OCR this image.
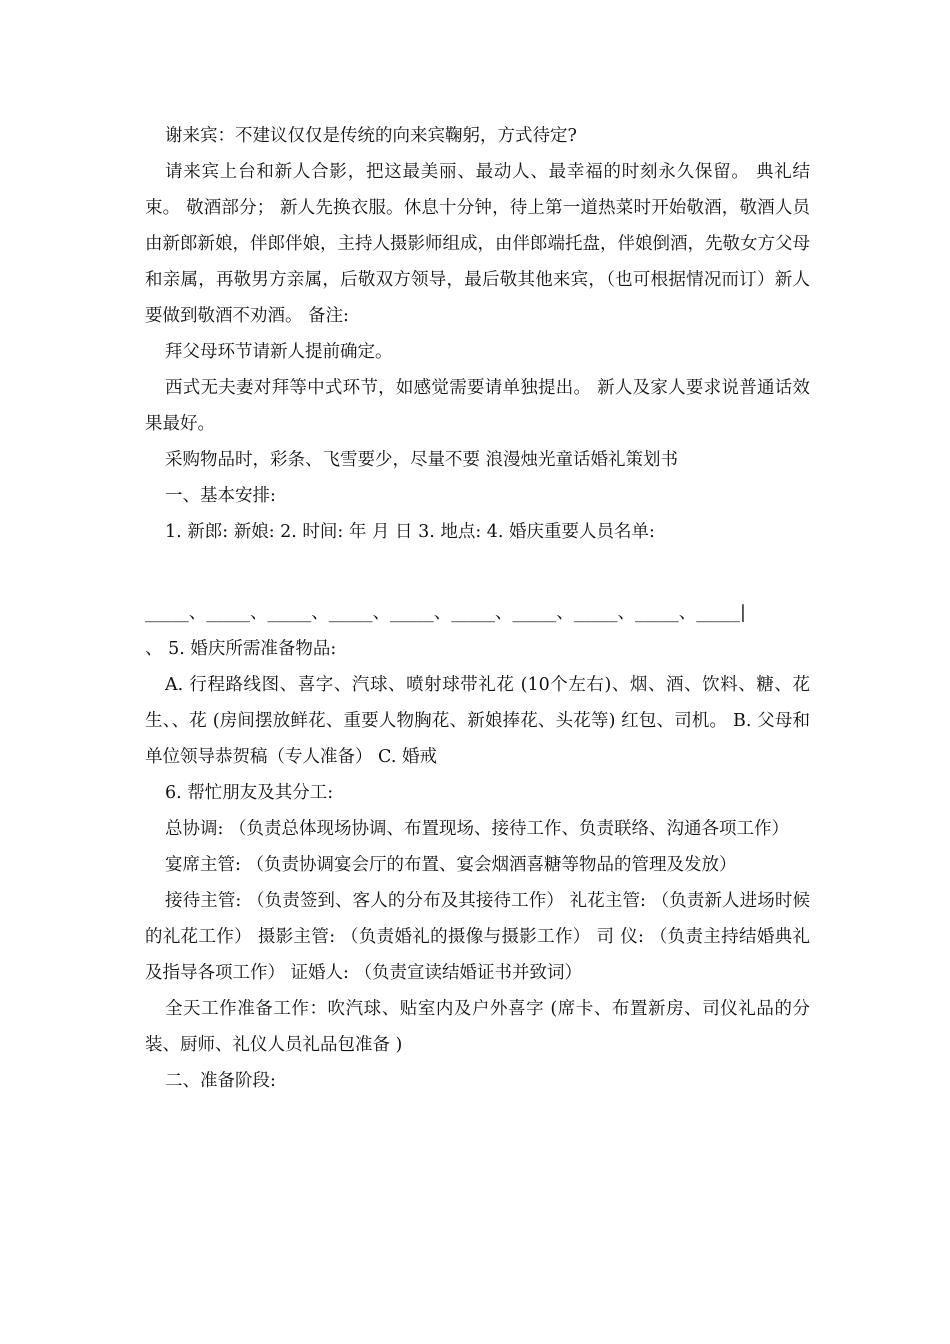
谢来宾：不建议仅仅是传统的向来宾鞠躬，方式待定?

请来宾上台和新人合影，把这最美丽、最动人、最幸福的时刻永久保留。 典礼结束。 敬酒部分； 新人先换衣服。休息十分钟，待上第一道热菜时开始敬酒，敬酒人员由新郎新娘，伴郎伴娘，主持人摄影师组成，由伴郎端托盘，伴娘倒酒，先敬女方父母和亲属，再敬男方亲属，后敬双方领导，最后敬其他来宾，（也可根据情况而订）新人要做到敬酒不劝酒。 备注:

拜父母环节请新人提前确定。

西式无夫妻对拜等中式环节，如感觉需要请单独提出。 新人及家人要求说普通话效果最好。

采购物品时，彩条、飞雪要少，尽量不要 浪漫烛光童话婚礼策划书

一、基本安排:

1. 新郎: 新娘: 2. 时间: 年 月 日 3. 地点: 4. 婚庆重要人员名单:

_____、_____、_____、_____、_____、_____、_____、_____、_____、_____|

、 5. 婚庆所需准备物品:

A. 行程路线图、喜字、汽球、喷射球带礼花 (10个左右)、烟、酒、饮料、糖、花生、、花 (房间摆放鲜花、重要人物胸花、新娘捧花、头花等) 红包、司机。 B. 父母和单位领导恭贺稿（专人准备） C. 婚戒

6. 帮忙朋友及其分工:

总协调: （负责总体现场协调、布置现场、接待工作、负责联络、沟通各项工作）

宴席主管: （负责协调宴会厅的布置、宴会烟酒喜糖等物品的管理及发放）

接待主管: （负责签到、客人的分布及其接待工作） 礼花主管: （负责新人进场时候的礼花工作） 摄影主管: （负责婚礼的摄像与摄影工作） 司 仪: （负责主持结婚典礼及指导各项工作） 证婚人: （负责宣读结婚证书并致词）

全天工作准备工作：吹汽球、贴室内及户外喜字 (席卡、布置新房、司仪礼品的分装、厨师、礼仪人员礼品包准备 )

二、准备阶段:
